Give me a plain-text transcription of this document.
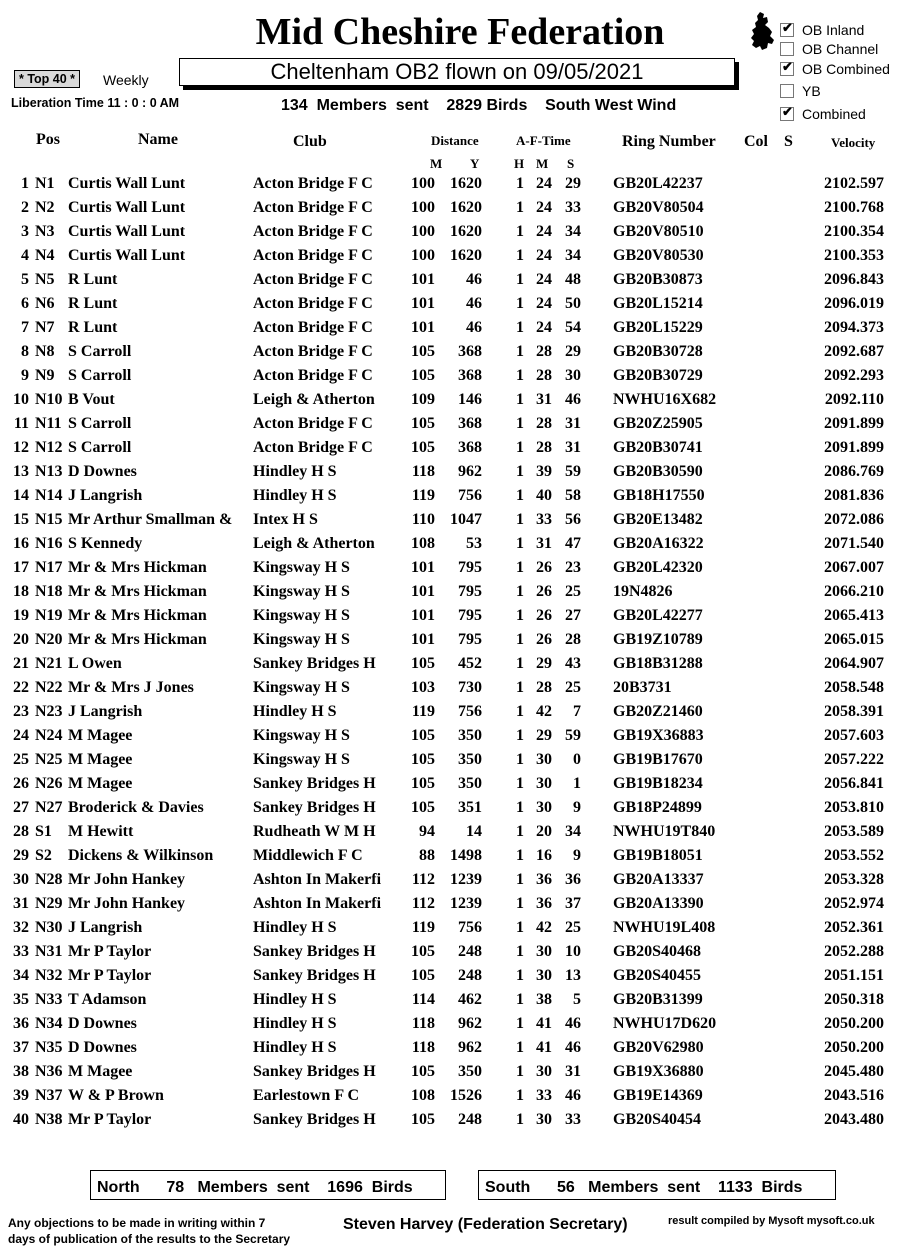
Mid Cheshire Federation	✔ OB Inland
OB Channel
✔ OB Combined
YB
✔ Combined
* Top 40 *	Weekly	Cheltenham OB2 flown on 09/05/2021
Liberation Time 11 : 0 : 0 AM	134  Members  sent    2829 Birds    South West Wind
Pos	Name	Club	Distance	A-F-Time	Ring Number Col S	Velocity
M Y	H M S
1 N1 Curtis Wall Lunt	Acton Bridge F C	100 1620	1 24 29 GB20L42237	2102.597
2 N2 Curtis Wall Lunt	Acton Bridge F C	100 1620	1 24 33 GB20V80504	2100.768
3 N3 Curtis Wall Lunt	Acton Bridge F C	100 1620	1 24 34 GB20V80510	2100.354
4 N4 Curtis Wall Lunt	Acton Bridge F C	100 1620	1 24 34 GB20V80530	2100.353
5 N5 R Lunt	Acton Bridge F C	101	46	1 24 48 GB20B30873	2096.843
6 N6 R Lunt	Acton Bridge F C	101	46	1 24 50 GB20L15214	2096.019
7 N7 R Lunt	Acton Bridge F C	101	46	1 24 54 GB20L15229	2094.373
8 N8 S Carroll	Acton Bridge F C	105	368	1 28 29 GB20B30728	2092.687
9 N9 S Carroll	Acton Bridge F C	105	368	1 28 30 GB20B30729	2092.293
10 N10 B Vout	Leigh & Atherton	109	146	1 31 46 NWHU16X682	2092.110
11 N11 S Carroll	Acton Bridge F C	105	368	1 28 31 GB20Z25905	2091.899
12 N12 S Carroll	Acton Bridge F C	105	368	1 28 31 GB20B30741	2091.899
13 N13 D Downes	Hindley H S	118	962	1 39 59 GB20B30590	2086.769
14 N14 J Langrish	Hindley H S	119	756	1 40 58 GB18H17550	2081.836
15 N15 Mr Arthur Smallman &	Intex H S	110 1047	1 33 56 GB20E13482	2072.086
16 N16 S Kennedy	Leigh & Atherton	108	53	1 31 47 GB20A16322	2071.540
17 N17 Mr & Mrs Hickman	Kingsway H S	101	795	1 26 23 GB20L42320	2067.007
18 N18 Mr & Mrs Hickman	Kingsway H S	101	795	1 26 25 19N4826	2066.210
19 N19 Mr & Mrs Hickman	Kingsway H S	101	795	1 26 27 GB20L42277	2065.413
20 N20 Mr & Mrs Hickman	Kingsway H S	101	795	1 26 28 GB19Z10789	2065.015
21 N21 L Owen	Sankey Bridges H	105	452	1 29 43 GB18B31288	2064.907
22 N22 Mr & Mrs J Jones	Kingsway H S	103	730	1 28 25 20B3731	2058.548
23 N23 J Langrish	Hindley H S	119	756	1 42	7 GB20Z21460	2058.391
24 N24 M Magee	Kingsway H S	105	350	1 29 59 GB19X36883	2057.603
25 N25 M Magee	Kingsway H S	105	350	1 30	0 GB19B17670	2057.222
26 N26 M Magee	Sankey Bridges H	105	350	1 30	1 GB19B18234	2056.841
27 N27 Broderick & Davies	Sankey Bridges H	105	351	1 30	9 GB18P24899	2053.810
28 S1 M Hewitt	Rudheath W M H	94	14	1 20 34 NWHU19T840	2053.589
29 S2 Dickens & Wilkinson	Middlewich F C	88 1498	1 16	9 GB19B18051	2053.552
30 N28 Mr John Hankey	Ashton In Makerfi	112 1239	1 36 36 GB20A13337	2053.328
31 N29 Mr John Hankey	Ashton In Makerfi	112 1239	1 36 37 GB20A13390	2052.974
32 N30 J Langrish	Hindley H S	119	756	1 42 25 NWHU19L408	2052.361
33 N31 Mr P Taylor	Sankey Bridges H	105	248	1 30 10 GB20S40468	2052.288
34 N32 Mr P Taylor	Sankey Bridges H	105	248	1 30 13 GB20S40455	2051.151
35 N33 T Adamson	Hindley H S	114	462	1 38	5 GB20B31399	2050.318
36 N34 D Downes	Hindley H S	118	962	1 41 46 NWHU17D620	2050.200
37 N35 D Downes	Hindley H S	118	962	1 41 46 GB20V62980	2050.200
38 N36 M Magee	Sankey Bridges H	105	350	1 30 31 GB19X36880	2045.480
39 N37 W & P Brown	Earlestown F C	108 1526	1 33 46 GB19E14369	2043.516
40 N38 Mr P Taylor	Sankey Bridges H	105	248	1 30 33 GB20S40454	2043.480
North      78   Members  sent    1696  Birds	South      56   Members  sent    1133  Birds
Any objections to be made in writing within 7
days of publication of the results to the Secretary
Steven Harvey (Federation Secretary)	result compiled by Mysoft mysoft.co.uk
